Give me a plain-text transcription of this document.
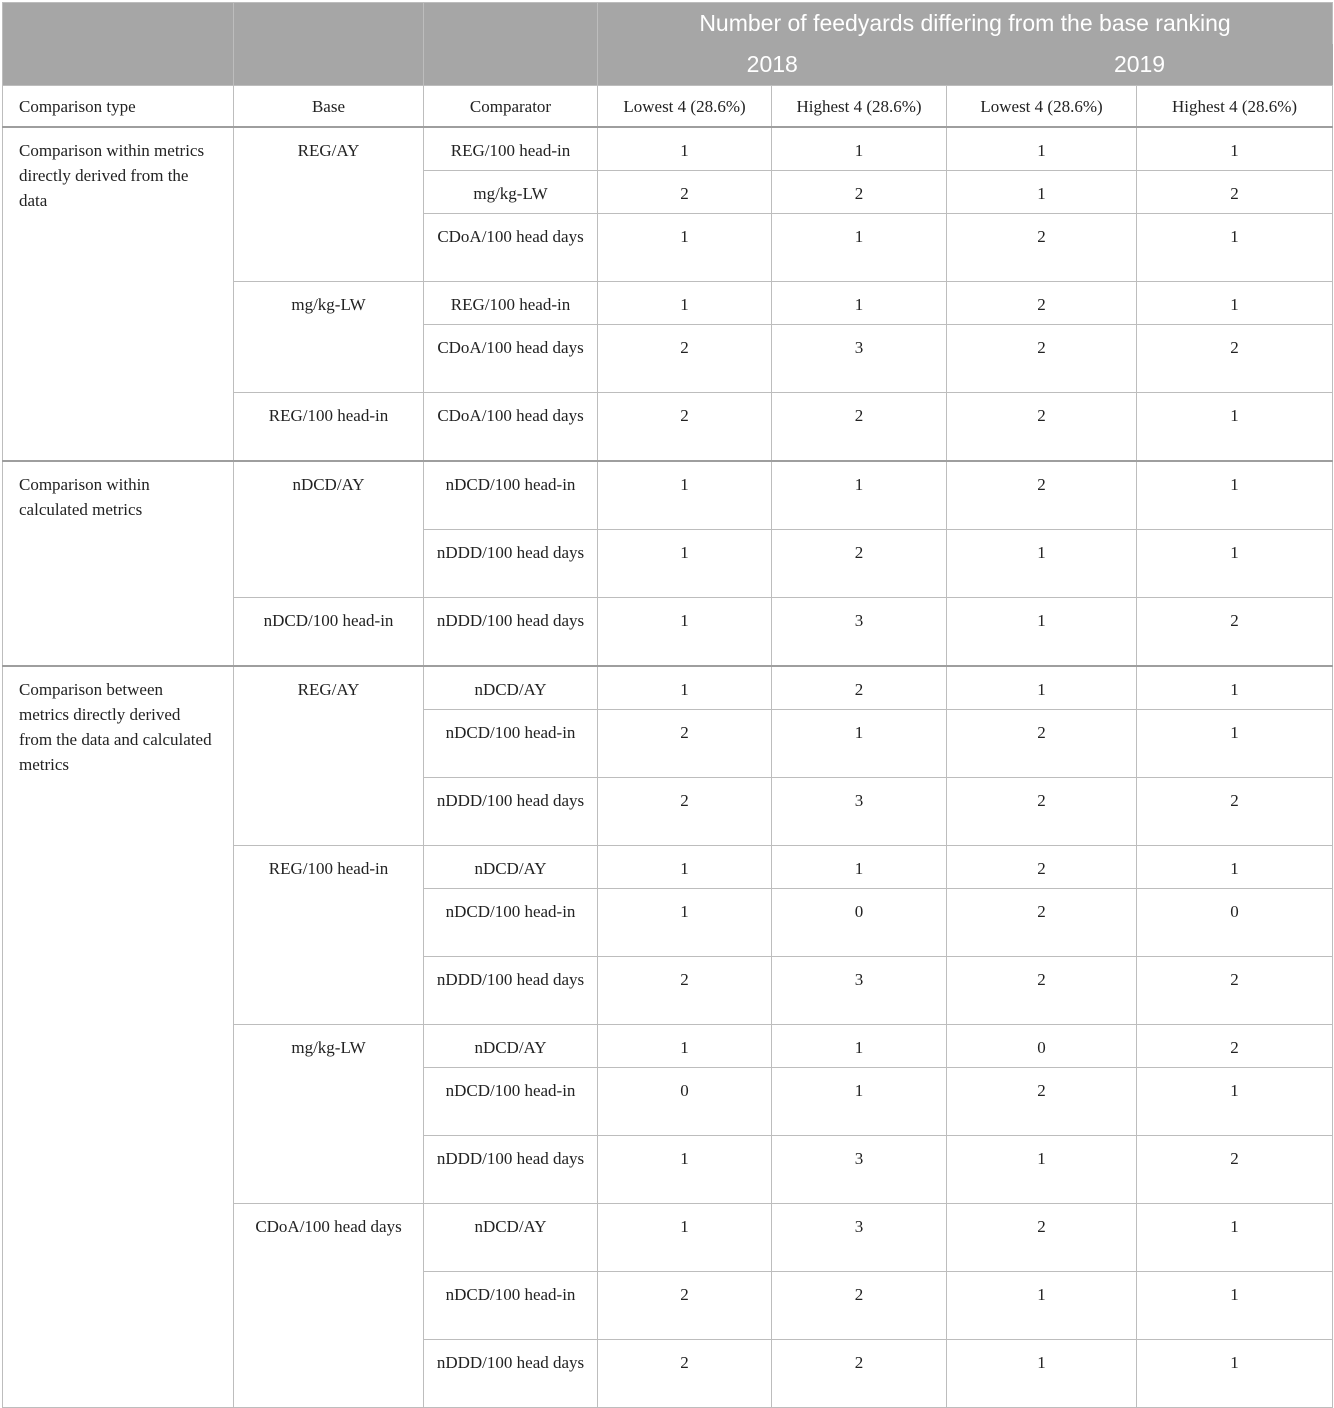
			Number of feedyards differing from the base ranking			
			2018		2019	
Comparison type	Base	Comparator	Lowest 4 (28.6%)	Highest 4 (28.6%)	Lowest 4 (28.6%)	Highest 4 (28.6%)
Comparison within metrics directly derived from the data	REG/AY	REG/100 head-in	1	1	1	1
		mg/kg-LW	2	2	1	2
		CDoA/100 head days	1	1	2	1
	mg/kg-LW	REG/100 head-in	1	1	2	1
		CDoA/100 head days	2	3	2	2
	REG/100 head-in	CDoA/100 head days	2	2	2	1
Comparison within calculated metrics	nDCD/AY	nDCD/100 head-in	1	1	2	1
		nDDD/100 head days	1	2	1	1
	nDCD/100 head-in	nDDD/100 head days	1	3	1	2
Comparison between metrics directly derived from the data and calculated metrics	REG/AY	nDCD/AY	1	2	1	1
		nDCD/100 head-in	2	1	2	1
		nDDD/100 head days	2	3	2	2
	REG/100 head-in	nDCD/AY	1	1	2	1
		nDCD/100 head-in	1	0	2	0
		nDDD/100 head days	2	3	2	2
	mg/kg-LW	nDCD/AY	1	1	0	2
		nDCD/100 head-in	0	1	2	1
		nDDD/100 head days	1	3	1	2
	CDoA/100 head days	nDCD/AY	1	3	2	1
		nDCD/100 head-in	2	2	1	1
		nDDD/100 head days	2	2	1	1
